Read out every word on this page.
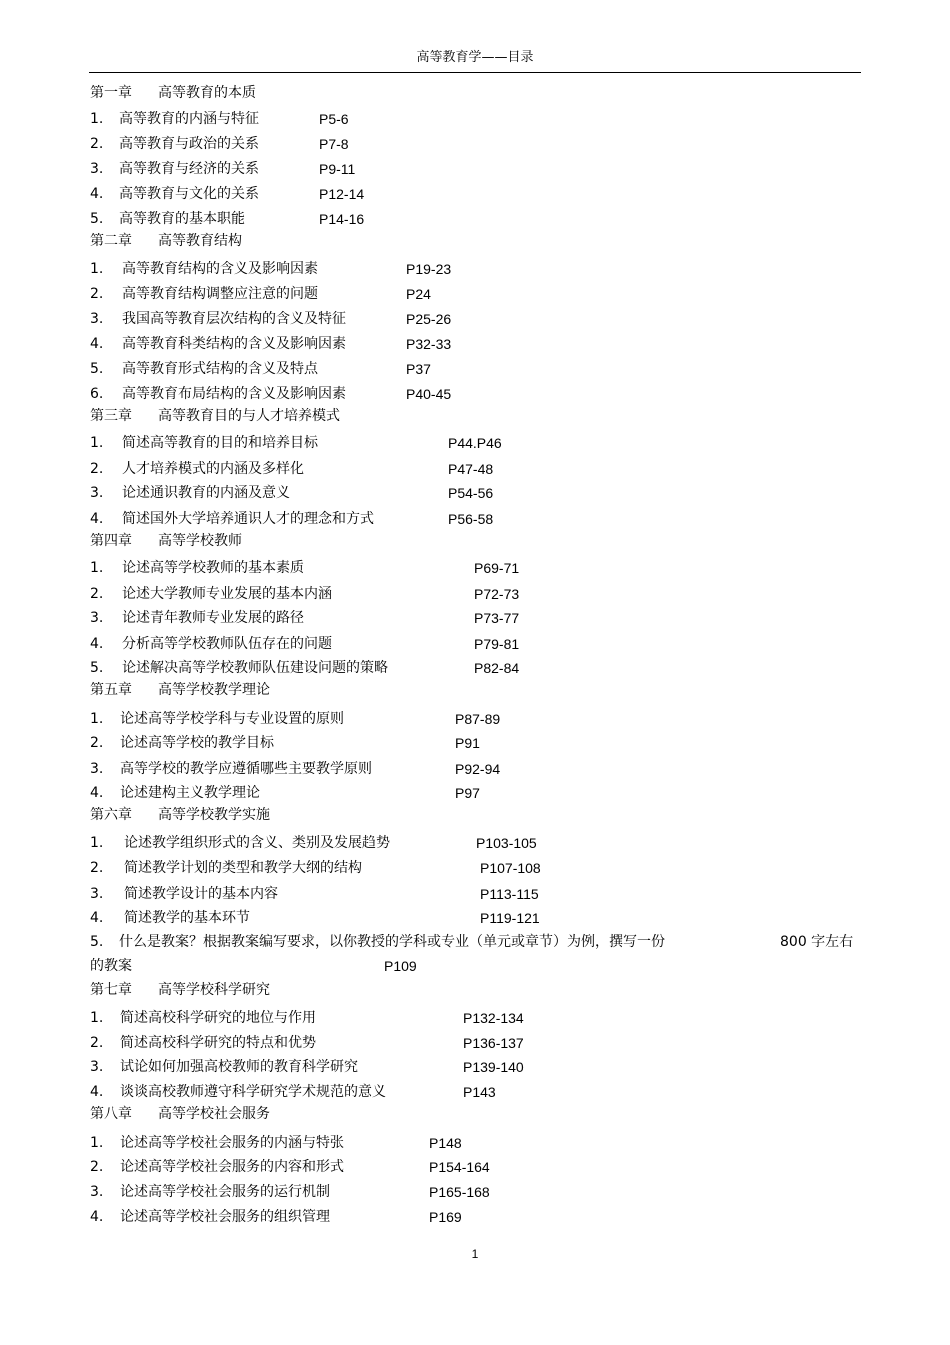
高等教育学——目录
第一章 高等教育的本质
1. 高等教育的内涵与特征	P5-6
2. 高等教育与政治的关系	P7-8
3. 高等教育与经济的关系	P9-11
4. 高等教育与文化的关系	P12-14
5. 高等教育的基本职能	P14-16
第二章 高等教育结构
1. 高等教育结构的含义及影响因素	P19-23
2. 高等教育结构调整应注意的问题	P24
3. 我国高等教育层次结构的含义及特征	P25-26
4. 高等教育科类结构的含义及影响因素	P32-33
5. 高等教育形式结构的含义及特点	P37
6. 高等教育布局结构的含义及影响因素	P40-45
第三章 高等教育目的与人才培养模式
1. 简述高等教育的目的和培养目标	P44.P46
2. 人才培养模式的内涵及多样化	P47-48
3. 论述通识教育的内涵及意义	P54-56
4. 简述国外大学培养通识人才的理念和方式	P56-58
第四章 高等学校教师
1. 论述高等学校教师的基本素质	P69-71
2. 论述大学教师专业发展的基本内涵	P72-73
3. 论述青年教师专业发展的路径	P73-77
4. 分析高等学校教师队伍存在的问题	P79-81
5. 论述解决高等学校教师队伍建设问题的策略	P82-84
第五章 高等学校教学理论
1. 论述高等学校学科与专业设置的原则	P87-89
2. 论述高等学校的教学目标	P91
3. 高等学校的教学应遵循哪些主要教学原则	P92-94
4. 论述建构主义教学理论	P97
第六章 高等学校教学实施
1. 论述教学组织形式的含义、类别及发展趋势	P103-105
2. 简述教学计划的类型和教学大纲的结构	P107-108
3. 简述教学设计的基本内容	P113-115
4. 简述教学的基本环节	P119-121
5. 什么是教案？根据教案编写要求，以你教授的学科或专业（单元或章节）为例，撰写一份	800 字左右
的教案	P109
第七章 高等学校科学研究
1. 简述高校科学研究的地位与作用	P132-134
2. 简述高校科学研究的特点和优势	P136-137
3. 试论如何加强高校教师的教育科学研究	P139-140
4. 谈谈高校教师遵守科学研究学术规范的意义	P143
第八章 高等学校社会服务
1. 论述高等学校社会服务的内涵与特张	P148
2. 论述高等学校社会服务的内容和形式	P154-164
3. 论述高等学校社会服务的运行机制	P165-168
4. 论述高等学校社会服务的组织管理	P169
1
